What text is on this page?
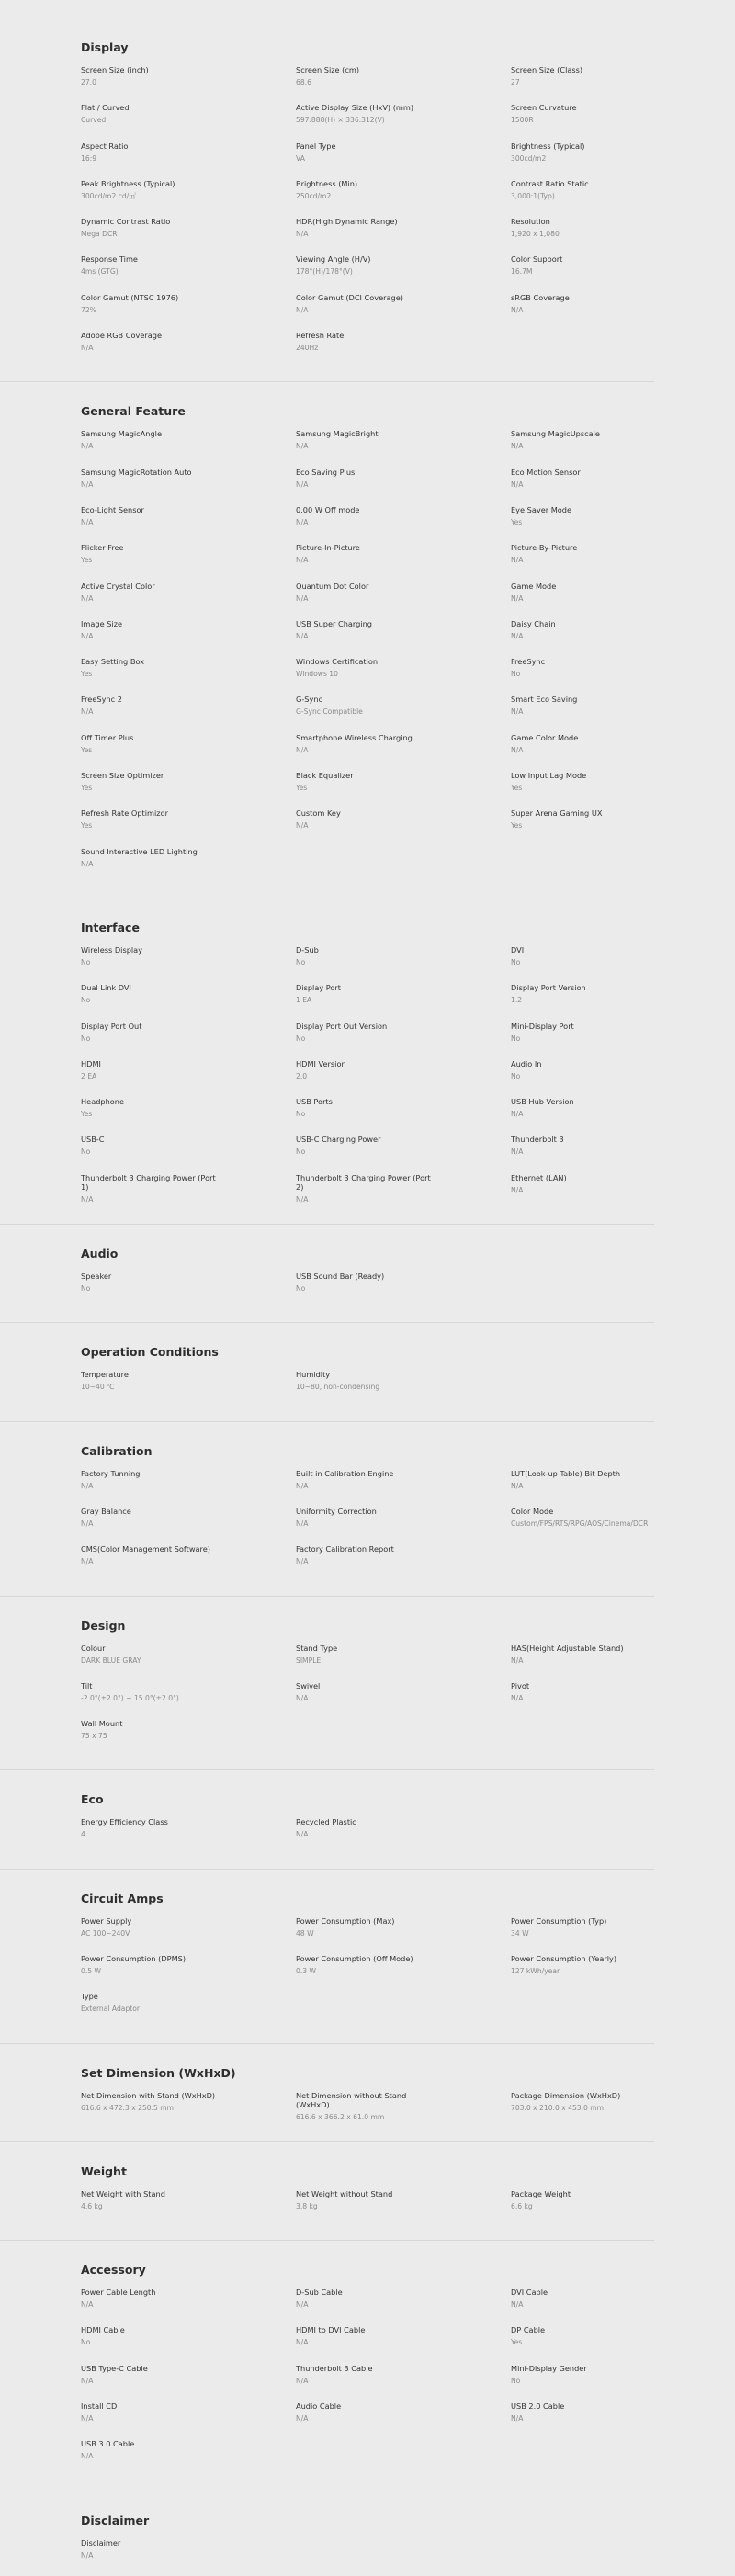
Display
Screen Size (inch)
27.0
Screen Size (cm)
68.6
Screen Size (Class)
27
Flat / Curved
Curved
Active Display Size (HxV) (mm)
597.888(H) × 336.312(V)
Screen Curvature
1500R
Aspect Ratio
16:9
Panel Type
VA
Brightness (Typical)
300cd/m2
Peak Brightness (Typical)
300cd/m2 cd/㎡
Brightness (Min)
250cd/m2
Contrast Ratio Static
3,000:1(Typ)
Dynamic Contrast Ratio
Mega DCR
HDR(High Dynamic Range)
N/A
Resolution
1,920 x 1,080
Response Time
4ms (GTG)
Viewing Angle (H/V)
178°(H)/178°(V)
Color Support
16.7M
Color Gamut (NTSC 1976)
72%
Color Gamut (DCI Coverage)
N/A
sRGB Coverage
N/A
Adobe RGB Coverage
N/A
Refresh Rate
240Hz
General Feature
Samsung MagicAngle
N/A
Samsung MagicBright
N/A
Samsung MagicUpscale
N/A
Samsung MagicRotation Auto
N/A
Eco Saving Plus
N/A
Eco Motion Sensor
N/A
Eco-Light Sensor
N/A
0.00 W Off mode
N/A
Eye Saver Mode
Yes
Flicker Free
Yes
Picture-In-Picture
N/A
Picture-By-Picture
N/A
Active Crystal Color
N/A
Quantum Dot Color
N/A
Game Mode
N/A
Image Size
N/A
USB Super Charging
N/A
Daisy Chain
N/A
Easy Setting Box
Yes
Windows Certification
Windows 10
FreeSync
No
FreeSync 2
N/A
G-Sync
G-Sync Compatible
Smart Eco Saving
N/A
Off Timer Plus
Yes
Smartphone Wireless Charging
N/A
Game Color Mode
N/A
Screen Size Optimizer
Yes
Black Equalizer
Yes
Low Input Lag Mode
Yes
Refresh Rate Optimizor
Yes
Custom Key
N/A
Super Arena Gaming UX
Yes
Sound Interactive LED Lighting
N/A
Interface
Wireless Display
No
D-Sub
No
DVI
No
Dual Link DVI
No
Display Port
1 EA
Display Port Version
1.2
Display Port Out
No
Display Port Out Version
No
Mini-Display Port
No
HDMI
2 EA
HDMI Version
2.0
Audio In
No
Headphone
Yes
USB Ports
No
USB Hub Version
N/A
USB-C
No
USB-C Charging Power
No
Thunderbolt 3
N/A
Thunderbolt 3 Charging Power (Port 1)
N/A
Thunderbolt 3 Charging Power (Port 2)
N/A
Ethernet (LAN)
N/A
Audio
Speaker
No
USB Sound Bar (Ready)
No
Operation Conditions
Temperature
10~40 ℃
Humidity
10~80, non-condensing
Calibration
Factory Tunning
N/A
Built in Calibration Engine
N/A
LUT(Look-up Table) Bit Depth
N/A
Gray Balance
N/A
Uniformity Correction
N/A
Color Mode
Custom/FPS/RTS/RPG/AOS/Cinema/DCR
CMS(Color Management Software)
N/A
Factory Calibration Report
N/A
Design
Colour
DARK BLUE GRAY
Stand Type
SIMPLE
HAS(Height Adjustable Stand)
N/A
Tilt
-2.0°(±2.0°) ~ 15.0°(±2.0°)
Swivel
N/A
Pivot
N/A
Wall Mount
75 x 75
Eco
Energy Efficiency Class
4
Recycled Plastic
N/A
Circuit Amps
Power Supply
AC 100~240V
Power Consumption (Max)
48 W
Power Consumption (Typ)
34 W
Power Consumption (DPMS)
0.5 W
Power Consumption (Off Mode)
0.3 W
Power Consumption (Yearly)
127 kWh/year
Type
External Adaptor
Set Dimension (WxHxD)
Net Dimension with Stand (WxHxD)
616.6 x 472.3 x 250.5 mm
Net Dimension without Stand (WxHxD)
616.6 x 366.2 x 61.0 mm
Package Dimension (WxHxD)
703.0 x 210.0 x 453.0 mm
Weight
Net Weight with Stand
4.6 kg
Net Weight without Stand
3.8 kg
Package Weight
6.6 kg
Accessory
Power Cable Length
N/A
D-Sub Cable
N/A
DVI Cable
N/A
HDMI Cable
No
HDMI to DVI Cable
N/A
DP Cable
Yes
USB Type-C Cable
N/A
Thunderbolt 3 Cable
N/A
Mini-Display Gender
No
Install CD
N/A
Audio Cable
N/A
USB 2.0 Cable
N/A
USB 3.0 Cable
N/A
Disclaimer
Disclaimer
N/A
